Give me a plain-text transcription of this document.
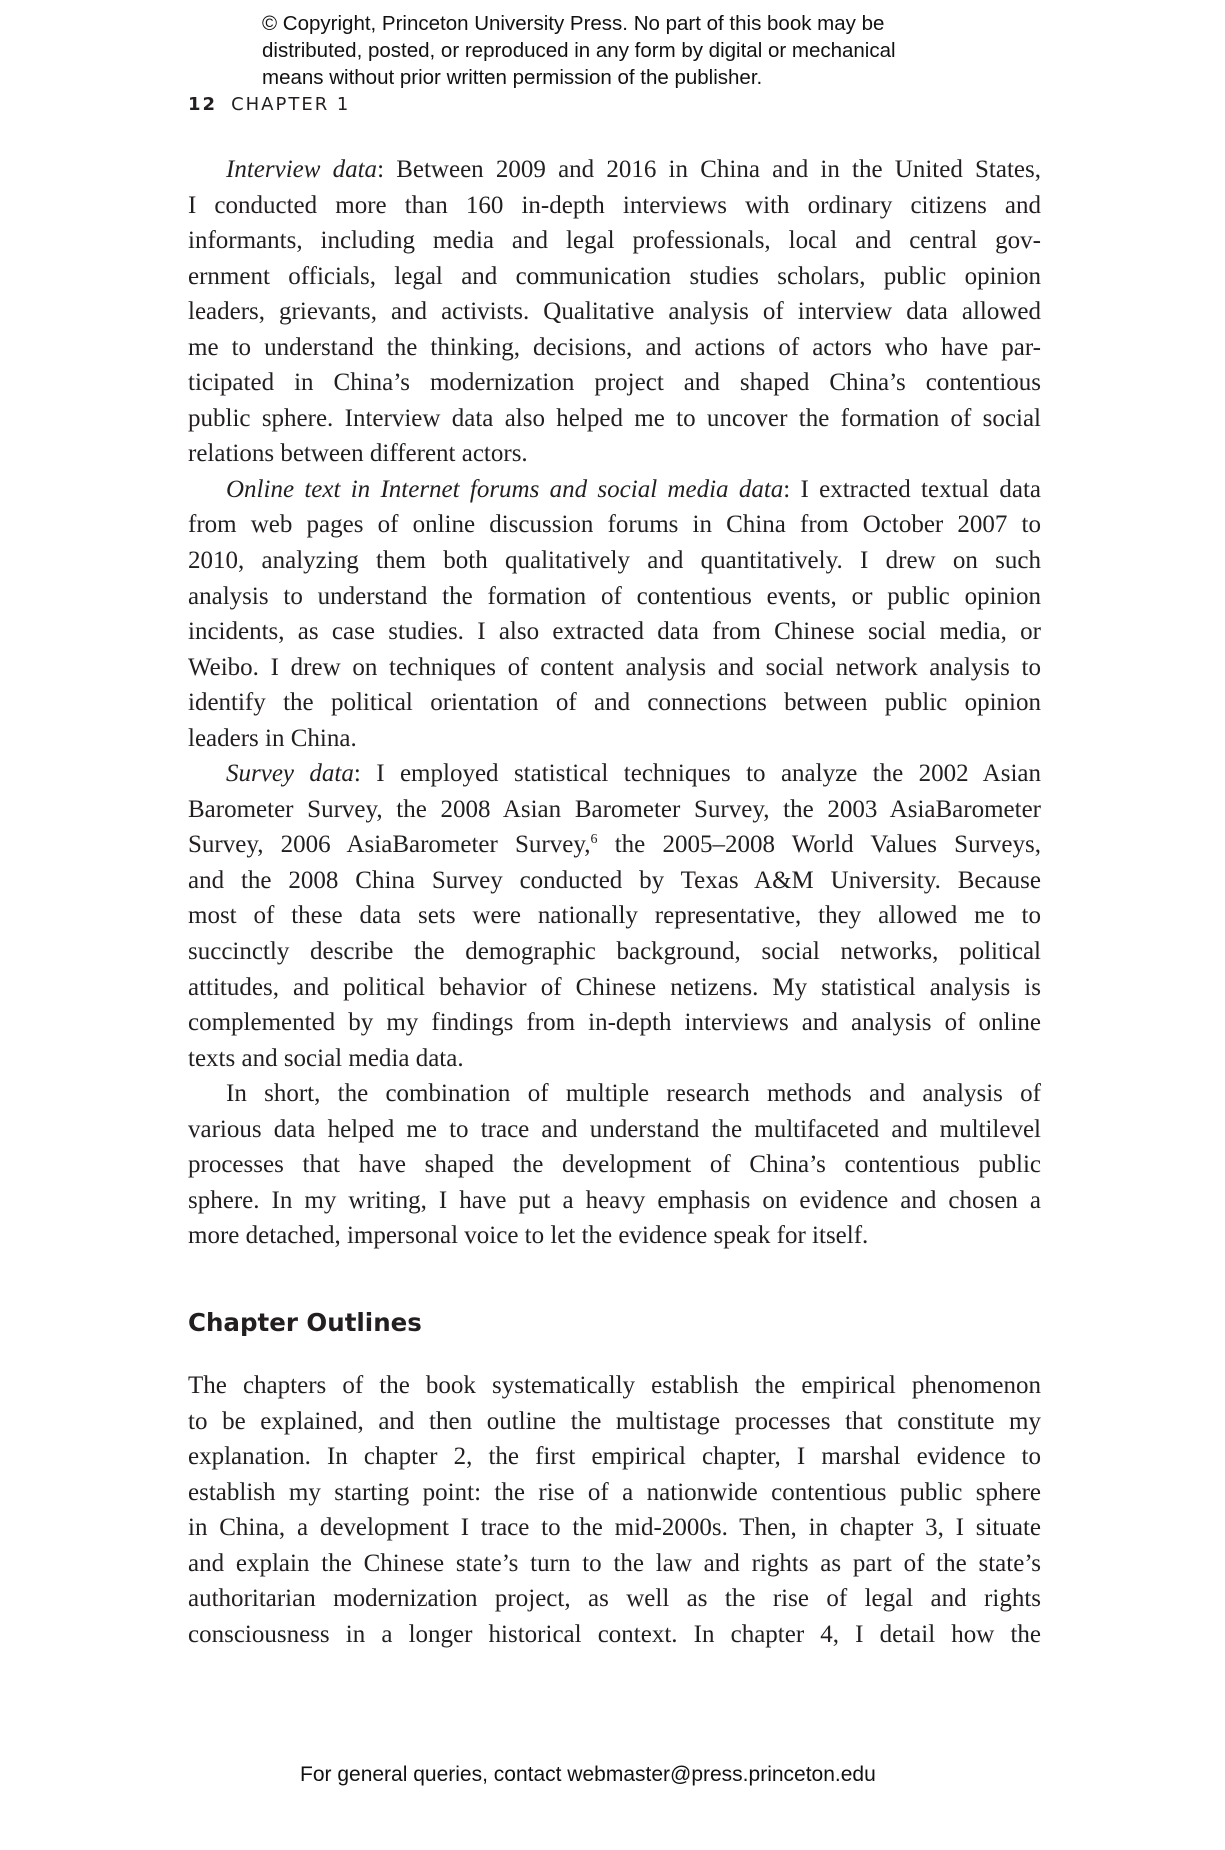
© Copyright, Princeton University Press. No part of this book may be
distributed, posted, or reproduced in any form by digital or mechanical
means without prior written permission of the publisher.
12 CHAPTER 1

Interview data: Between 2009 and 2016 in China and in the United States,
I conducted more than 160 in-depth interviews with ordinary citizens and
informants, including media and legal professionals, local and central gov-
ernment officials, legal and communication studies scholars, public opinion
leaders, grievants, and activists. Qualitative analysis of interview data allowed
me to understand the thinking, decisions, and actions of actors who have par-
ticipated in China’s modernization project and shaped China’s contentious
public sphere. Interview data also helped me to uncover the formation of social
relations between different actors.

Online text in Internet forums and social media data: I extracted textual data
from web pages of online discussion forums in China from October 2007 to
2010, analyzing them both qualitatively and quantitatively. I drew on such
analysis to understand the formation of contentious events, or public opinion
incidents, as case studies. I also extracted data from Chinese social media, or
Weibo. I drew on techniques of content analysis and social network analysis to
identify the political orientation of and connections between public opinion
leaders in China.

Survey data: I employed statistical techniques to analyze the 2002 Asian
Barometer Survey, the 2008 Asian Barometer Survey, the 2003 AsiaBarometer
Survey, 2006 AsiaBarometer Survey,$^6$ the 2005–2008 World Values Surveys,
and the 2008 China Survey conducted by Texas A&M University. Because
most of these data sets were nationally representative, they allowed me to
succinctly describe the demographic background, social networks, political
attitudes, and political behavior of Chinese netizens. My statistical analysis is
complemented by my findings from in-depth interviews and analysis of online
texts and social media data.

In short, the combination of multiple research methods and analysis of
various data helped me to trace and understand the multifaceted and multilevel
processes that have shaped the development of China’s contentious public
sphere. In my writing, I have put a heavy emphasis on evidence and chosen a
more detached, impersonal voice to let the evidence speak for itself.

Chapter Outlines

The chapters of the book systematically establish the empirical phenomenon
to be explained, and then outline the multistage processes that constitute my
explanation. In chapter 2, the first empirical chapter, I marshal evidence to
establish my starting point: the rise of a nationwide contentious public sphere
in China, a development I trace to the mid-2000s. Then, in chapter 3, I situate
and explain the Chinese state’s turn to the law and rights as part of the state’s
authoritarian modernization project, as well as the rise of legal and rights
consciousness in a longer historical context. In chapter 4, I detail how the

For general queries, contact webmaster@press.princeton.edu
